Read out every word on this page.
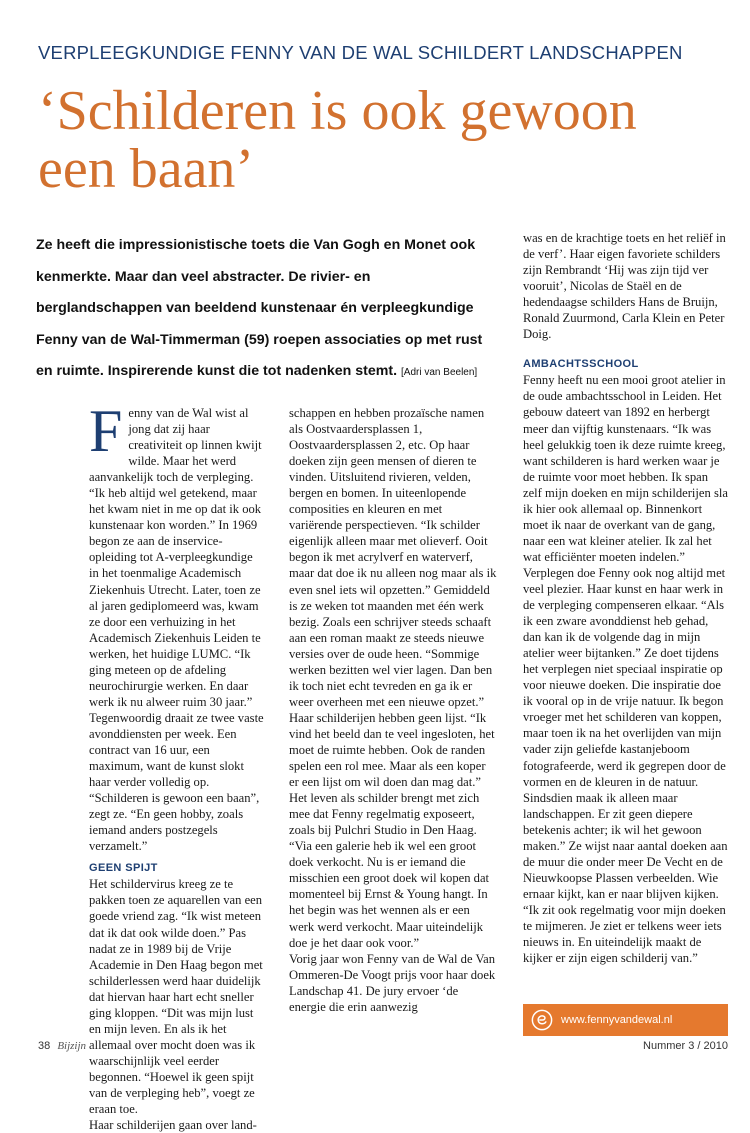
VERPLEEGKUNDIGE FENNY VAN DE WAL SCHILDERT LANDSCHAPPEN
‘Schilderen is ook gewoon een baan’
Ze heeft die impressionistische toets die Van Gogh en Monet ook kenmerkte. Maar dan veel abstracter. De rivier- en berglandschappen van beeldend kunstenaar én verpleegkundige Fenny van de Wal-Timmerman (59) roepen associaties op met rust en ruimte. Inspirerende kunst die tot nadenken stemt. [Adri van Beelen]

F enny van de Wal wist al jong dat zij haar creativiteit op linnen kwijt wilde. Maar het werd aanvankelijk toch de verpleging. “Ik heb altijd wel getekend, maar het kwam niet in me op dat ik ook kunstenaar kon worden.” In 1969 begon ze aan de inservice-opleiding tot A-verpleegkundige in het toenmalige Academisch Ziekenhuis Utrecht. Later, toen ze al jaren gediplomeerd was, kwam ze door een verhuizing in het Academisch Ziekenhuis Leiden te werken, het huidige LUMC. “Ik ging meteen op de afdeling neurochirurgie werken. En daar werk ik nu alweer ruim 30 jaar.”

Tegenwoordig draait ze twee vaste avonddiensten per week. Een contract van 16 uur, een maximum, want de kunst slokt haar verder volledig op. “Schilderen is gewoon een baan”, zegt ze. “En geen hobby, zoals iemand anders postzegels verzamelt.”

GEEN SPIJT

Het schildervirus kreeg ze te pakken toen ze aquarellen van een goede vriend zag. “Ik wist meteen dat ik dat ook wilde doen.” Pas nadat ze in 1989 bij de Vrije Academie in Den Haag begon met schilderlessen werd haar duidelijk dat hiervan haar hart echt sneller ging kloppen. “Dit was mijn lust en mijn leven. En als ik het allemaal over mocht doen was ik waarschijnlijk veel eerder begonnen. “Hoewel ik geen spijt van de verpleging heb”, voegt ze eraan toe.

Haar schilderijen gaan over land-

schappen en hebben prozaïsche namen als Oostvaardersplassen 1, Oostvaardersplassen 2, etc. Op haar doeken zijn geen mensen of dieren te vinden. Uitsluitend rivieren, velden, bergen en bomen. In uiteenlopende composities en kleuren en met variërende perspectieven. “Ik schilder eigenlijk alleen maar met olieverf. Ooit begon ik met acrylverf en waterverf, maar dat doe ik nu alleen nog maar als ik even snel iets wil opzetten.” Gemiddeld is ze weken tot maanden met één werk bezig. Zoals een schrijver steeds schaaft aan een roman maakt ze steeds nieuwe versies over de oude heen. “Sommige werken bezitten wel vier lagen. Dan ben ik toch niet echt tevreden en ga ik er weer overheen met een nieuwe opzet.”

Haar schilderijen hebben geen lijst. “Ik vind het beeld dan te veel ingesloten, het moet de ruimte hebben. Ook de randen spelen een rol mee. Maar als een koper er een lijst om wil doen dan mag dat.”

Het leven als schilder brengt met zich mee dat Fenny regelmatig exposeert, zoals bij Pulchri Studio in Den Haag. “Via een galerie heb ik wel een groot doek verkocht. Nu is er iemand die misschien een groot doek wil kopen dat momenteel bij Ernst & Young hangt. In het begin was het wennen als er een werk werd verkocht. Maar uiteindelijk doe je het daar ook voor.”

Vorig jaar won Fenny van de Wal de Van Ommeren-De Voogt prijs voor haar doek Landschap 41. De jury ervoer ‘de energie die erin aanwezig

was en de krachtige toets en het reliëf in de verf’. Haar eigen favoriete schilders zijn Rembrandt ‘Hij was zijn tijd ver vooruit’, Nicolas de Staël en de hedendaagse schilders Hans de Bruijn, Ronald Zuurmond, Carla Klein en Peter Doig.

AMBACHTSSCHOOL

Fenny heeft nu een mooi groot atelier in de oude ambachtsschool in Leiden. Het gebouw dateert van 1892 en herbergt meer dan vijftig kunstenaars. “Ik was heel gelukkig toen ik deze ruimte kreeg, want schilderen is hard werken waar je de ruimte voor moet hebben. Ik span zelf mijn doeken en mijn schilderijen sla ik hier ook allemaal op. Binnenkort moet ik naar de overkant van de gang, naar een wat kleiner atelier. Ik zal het wat efficiënter moeten indelen.”

Verplegen doe Fenny ook nog altijd met veel plezier. Haar kunst en haar werk in de verpleging compenseren elkaar. “Als ik een zware avonddienst heb gehad, dan kan ik de volgende dag in mijn atelier weer bijtanken.” Ze doet tijdens het verplegen niet speciaal inspiratie op voor nieuwe doeken. Die inspiratie doe ik vooral op in de vrije natuur. Ik begon vroeger met het schilderen van koppen, maar toen ik na het overlijden van mijn vader zijn geliefde kastanjeboom fotografeerde, werd ik gegrepen door de vormen en de kleuren in de natuur. Sindsdien maak ik alleen maar landschappen. Er zit geen diepere betekenis achter; ik wil het gewoon maken.” Ze wijst naar aantal doeken aan de muur die onder meer De Vecht en de Nieuwkoopse Plassen verbeelden. Wie ernaar kijkt, kan er naar blijven kijken. “Ik zit ook regelmatig voor mijn doeken te mijmeren. Je ziet er telkens weer iets nieuws in. En uiteindelijk maakt de kijker er zijn eigen schilderij van.”

www.fennyvandewal.nl
38 Bijzijn	Nummer 3 / 2010
